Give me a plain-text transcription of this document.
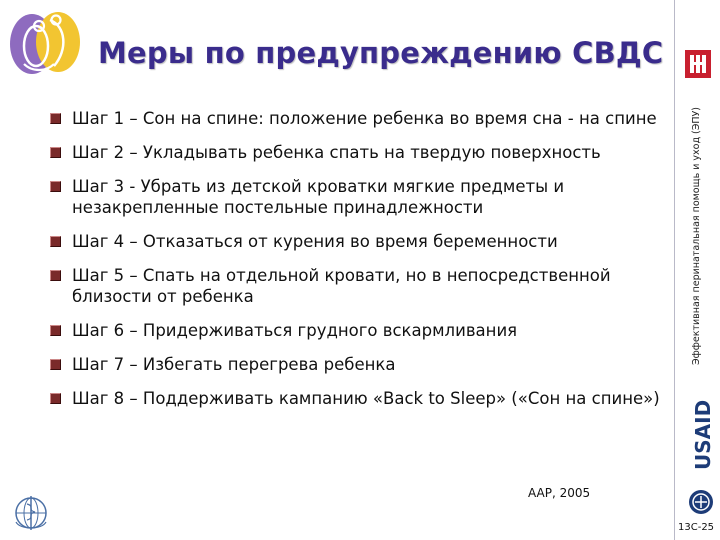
Меры по предупреждению СВДС
Эффективная перинатальная помощь и уход (ЭПУ)
USAID
Шаг 1 – Сон на спине: положение ребенка во время сна - на спине
Шаг 2 – Укладывать ребенка спать на твердую поверхность
Шаг 3 - Убрать из детской кроватки мягкие предметы и незакрепленные постельные принадлежности
Шаг 4 – Отказаться от курения во время беременности
Шаг 5 – Спать на отдельной кровати, но в непосредственной близости от ребенка
Шаг 6 – Придерживаться грудного вскармливания
Шаг 7 – Избегать перегрева ребенка
Шаг 8 – Поддерживать кампанию «Back to Sleep» («Сон на спине»)
AAP, 2005
13С-25
